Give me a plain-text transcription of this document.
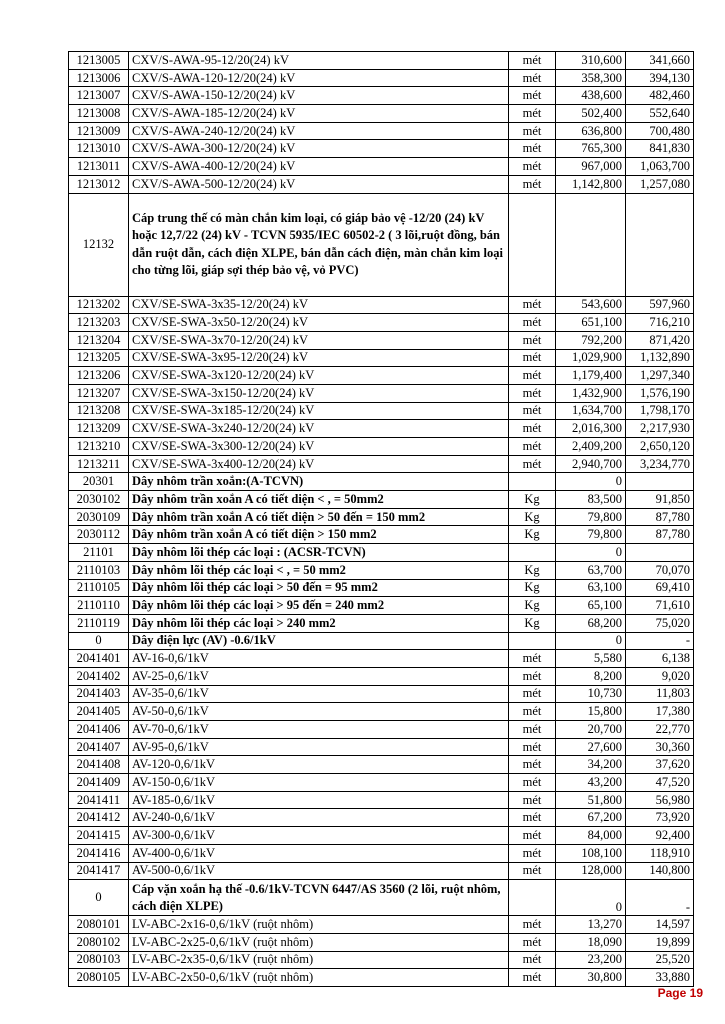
1213005	CXV/S-AWA-95-12/20(24) kV	mét	310,600	341,660
1213006	CXV/S-AWA-120-12/20(24) kV	mét	358,300	394,130
1213007	CXV/S-AWA-150-12/20(24) kV	mét	438,600	482,460
1213008	CXV/S-AWA-185-12/20(24) kV	mét	502,400	552,640
1213009	CXV/S-AWA-240-12/20(24) kV	mét	636,800	700,480
1213010	CXV/S-AWA-300-12/20(24) kV	mét	765,300	841,830
1213011	CXV/S-AWA-400-12/20(24) kV	mét	967,000	1,063,700
1213012	CXV/S-AWA-500-12/20(24) kV	mét	1,142,800	1,257,080
12132	Cáp trung thế có màn chắn kim loại, có giáp bảo vệ -12/20 (24) kV hoặc 12,7/22 (24) kV - TCVN 5935/IEC 60502-2 ( 3 lõi,ruột đồng, bán dẫn ruột dẫn, cách điện XLPE, bán dẫn cách điện, màn chắn kim loại cho từng lõi, giáp sợi thép bảo vệ, vỏ PVC)			
1213202	CXV/SE-SWA-3x35-12/20(24) kV	mét	543,600	597,960
1213203	CXV/SE-SWA-3x50-12/20(24) kV	mét	651,100	716,210
1213204	CXV/SE-SWA-3x70-12/20(24) kV	mét	792,200	871,420
1213205	CXV/SE-SWA-3x95-12/20(24) kV	mét	1,029,900	1,132,890
1213206	CXV/SE-SWA-3x120-12/20(24) kV	mét	1,179,400	1,297,340
1213207	CXV/SE-SWA-3x150-12/20(24) kV	mét	1,432,900	1,576,190
1213208	CXV/SE-SWA-3x185-12/20(24) kV	mét	1,634,700	1,798,170
1213209	CXV/SE-SWA-3x240-12/20(24) kV	mét	2,016,300	2,217,930
1213210	CXV/SE-SWA-3x300-12/20(24) kV	mét	2,409,200	2,650,120
1213211	CXV/SE-SWA-3x400-12/20(24) kV	mét	2,940,700	3,234,770
20301	Dây nhôm trần xoắn:(A-TCVN)		0	
2030102	Dây nhôm trần xoắn A có tiết diện < , = 50mm2	Kg	83,500	91,850
2030109	Dây nhôm trần xoắn A có tiết diện > 50 đến = 150 mm2	Kg	79,800	87,780
2030112	Dây nhôm trần xoắn A có tiết diện > 150 mm2	Kg	79,800	87,780
21101	Dây nhôm lõi thép các loại : (ACSR-TCVN)		0	
2110103	Dây nhôm lõi thép các loại < , = 50 mm2	Kg	63,700	70,070
2110105	Dây nhôm lõi thép các loại > 50 đến = 95 mm2	Kg	63,100	69,410
2110110	Dây nhôm lõi thép các loại > 95 đến = 240 mm2	Kg	65,100	71,610
2110119	Dây nhôm lõi thép các loại > 240 mm2	Kg	68,200	75,020
0	Dây điện lực (AV) -0.6/1kV		0	-
2041401	AV-16-0,6/1kV	mét	5,580	6,138
2041402	AV-25-0,6/1kV	mét	8,200	9,020
2041403	AV-35-0,6/1kV	mét	10,730	11,803
2041405	AV-50-0,6/1kV	mét	15,800	17,380
2041406	AV-70-0,6/1kV	mét	20,700	22,770
2041407	AV-95-0,6/1kV	mét	27,600	30,360
2041408	AV-120-0,6/1kV	mét	34,200	37,620
2041409	AV-150-0,6/1kV	mét	43,200	47,520
2041411	AV-185-0,6/1kV	mét	51,800	56,980
2041412	AV-240-0,6/1kV	mét	67,200	73,920
2041415	AV-300-0,6/1kV	mét	84,000	92,400
2041416	AV-400-0,6/1kV	mét	108,100	118,910
2041417	AV-500-0,6/1kV	mét	128,000	140,800
0	Cáp vặn xoắn hạ thế -0.6/1kV-TCVN 6447/AS 3560 (2 lõi, ruột nhôm, cách điện XLPE)		0	-
2080101	LV-ABC-2x16-0,6/1kV (ruột nhôm)	mét	13,270	14,597
2080102	LV-ABC-2x25-0,6/1kV (ruột nhôm)	mét	18,090	19,899
2080103	LV-ABC-2x35-0,6/1kV (ruột nhôm)	mét	23,200	25,520
2080105	LV-ABC-2x50-0,6/1kV (ruột nhôm)	mét	30,800	33,880
Page 19
